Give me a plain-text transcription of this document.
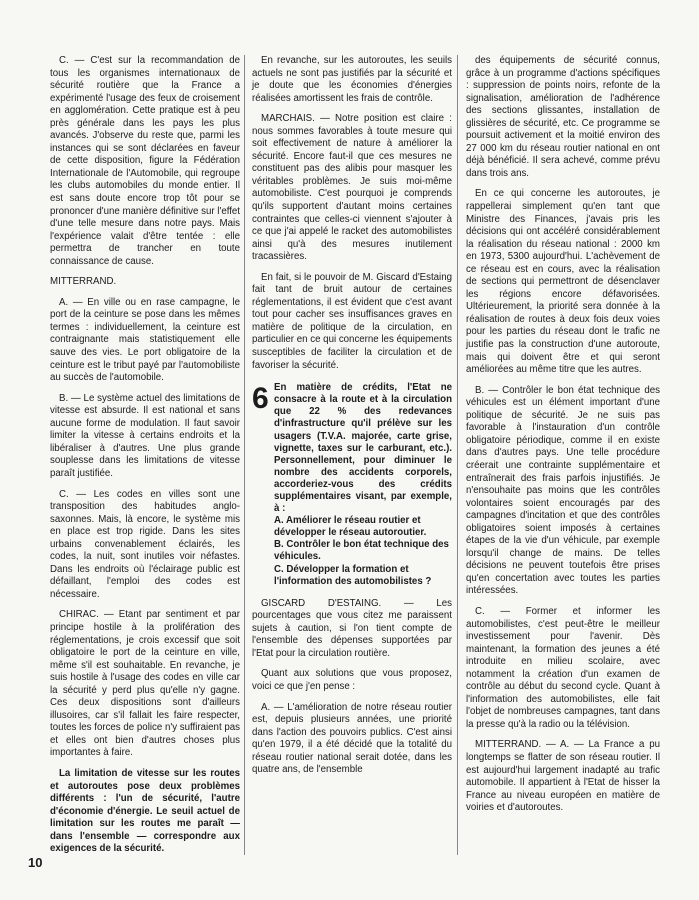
C. — C'est sur la recommandation de tous les organismes internationaux de sécurité routière que la France a expérimenté l'usage des feux de croisement en agglomération. Cette pratique est à peu près générale dans les pays les plus avancés. J'observe du reste que, parmi les instances qui se sont déclarées en faveur de cette disposition, figure la Fédération Internationale de l'Automobile, qui regroupe les clubs automobiles du monde entier. Il est sans doute encore trop tôt pour se prononcer d'une manière définitive sur l'effet d'une telle mesure dans notre pays. Mais l'expérience valait d'être tentée : elle permettra de trancher en toute connaissance de cause.

MITTERRAND.

A. — En ville ou en rase campagne, le port de la ceinture se pose dans les mêmes termes : individuellement, la ceinture est contraignante mais statistiquement elle sauve des vies. Le port obligatoire de la ceinture est le tribut payé par l'automobiliste au succès de l'automobile.

B. — Le système actuel des limitations de vitesse est absurde. Il est national et sans aucune forme de modulation. Il faut savoir limiter la vitesse à certains endroits et la libéraliser à d'autres. Une plus grande souplesse dans les limitations de vitesse paraît justifiée.

C. — Les codes en villes sont une transposition des habitudes anglo-saxonnes. Mais, là encore, le système mis en place est trop rigide. Dans les sites urbains convenablement éclairés, les codes, la nuit, sont inutiles voir néfastes. Dans les endroits où l'éclairage public est défaillant, l'emploi des codes est nécessaire.

CHIRAC. — Etant par sentiment et par principe hostile à la prolifération des réglementations, je crois excessif que soit obligatoire le port de la ceinture en ville, même s'il est souhaitable. En revanche, je suis hostile à l'usage des codes en ville car la sécurité y perd plus qu'elle n'y gagne. Ces deux dispositions sont d'ailleurs illusoires, car s'il fallait les faire respecter, toutes les forces de police n'y suffiraient pas et elles ont bien d'autres choses plus importantes à faire.

La limitation de vitesse sur les routes et autoroutes pose deux problèmes différents : l'un de sécurité, l'autre d'économie d'énergie. Le seuil actuel de limitation sur les routes me paraît — dans l'ensemble — correspondre aux exigences de la sécurité.

En revanche, sur les autoroutes, les seuils actuels ne sont pas justifiés par la sécurité et je doute que les économies d'énergies réalisées amortissent les frais de contrôle.

MARCHAIS. — Notre position est claire : nous sommes favorables à toute mesure qui soit effectivement de nature à améliorer la sécurité. Encore faut-il que ces mesures ne constituent pas des alibis pour masquer les véritables problèmes. Je suis moi-même automobiliste. C'est pourquoi je comprends qu'ils supportent d'autant moins certaines contraintes que celles-ci viennent s'ajouter à ce que j'ai appelé le racket des automobilistes ainsi qu'à des mesures inutilement tracassières.

En fait, si le pouvoir de M. Giscard d'Estaing fait tant de bruit autour de certaines réglementations, il est évident que c'est avant tout pour cacher ses insuffisances graves en matière de politique de la circulation, en particulier en ce qui concerne les équipements susceptibles de faciliter la circulation et de favoriser la sécurité.

6 En matière de crédits, l'Etat ne consacre à la route et à la circulation que 22 % des redevances d'infrastructure qu'il prélève sur les usagers (T.V.A. majorée, carte grise, vignette, taxes sur le carburant, etc.). Personnellement, pour diminuer le nombre des accidents corporels, accorderiez-vous des crédits supplémentaires visant, par exemple, à :

A. Améliorer le réseau routier et développer le réseau autoroutier.

B. Contrôler le bon état technique des véhicules.

C. Développer la formation et l'information des automobilistes ?

GISCARD D'ESTAING. — Les pourcentages que vous citez me paraissent sujets à caution, si l'on tient compte de l'ensemble des dépenses supportées par l'Etat pour la circulation routière.

Quant aux solutions que vous proposez, voici ce que j'en pense :

A. — L'amélioration de notre réseau routier est, depuis plusieurs années, une priorité dans l'action des pouvoirs publics. C'est ainsi qu'en 1979, il a été décidé que la totalité du réseau routier national serait dotée, dans les quatre ans, de l'ensemble

des équipements de sécurité connus, grâce à un programme d'actions spécifiques : suppression de points noirs, refonte de la signalisation, amélioration de l'adhérence des sections glissantes, installation de glissières de sécurité, etc. Ce programme se poursuit activement et la moitié environ des 27 000 km du réseau routier national en ont déjà bénéficié. Il sera achevé, comme prévu dans trois ans.

En ce qui concerne les autoroutes, je rappellerai simplement qu'en tant que Ministre des Finances, j'avais pris les décisions qui ont accéléré considérablement la réalisation du réseau national : 2000 km en 1973, 5300 aujourd'hui. L'achèvement de ce réseau est en cours, avec la réalisation de sections qui permettront de désenclaver les régions encore défavorisées. Ultérieurement, la priorité sera donnée à la réalisation de routes à deux fois deux voies pour les parties du réseau dont le trafic ne justifie pas la construction d'une autoroute, mais qui doivent être et qui seront améliorées au même titre que les autres.

B. — Contrôler le bon état technique des véhicules est un élément important d'une politique de sécurité. Je ne suis pas favorable à l'instauration d'un contrôle obligatoire périodique, comme il en existe dans d'autres pays. Une telle procédure créerait une contrainte supplémentaire et entraînerait des frais parfois injustifiés. Je n'ensouhaite pas moins que les contrôles volontaires soient encouragés par des campagnes d'incitation et que des contrôles obligatoires soient imposés à certaines étapes de la vie d'un véhicule, par exemple lorsqu'il change de mains. De telles décisions ne peuvent toutefois être prises qu'en concertation avec toutes les parties intéressées.

C. — Former et informer les automobilistes, c'est peut-être le meilleur investissement pour l'avenir. Dès maintenant, la formation des jeunes a été introduite en milieu scolaire, avec notamment la création d'un examen de contrôle au début du second cycle. Quant à l'information des automobilistes, elle fait l'objet de nombreuses campagnes, tant dans la presse qu'à la radio ou la télévision.

MITTERRAND. — A. — La France a pu longtemps se flatter de son réseau routier. Il est aujourd'hui largement inadapté au trafic automobile. Il appartient à l'Etat de hisser la France au niveau européen en matière de voiries et d'autoroutes.

10
